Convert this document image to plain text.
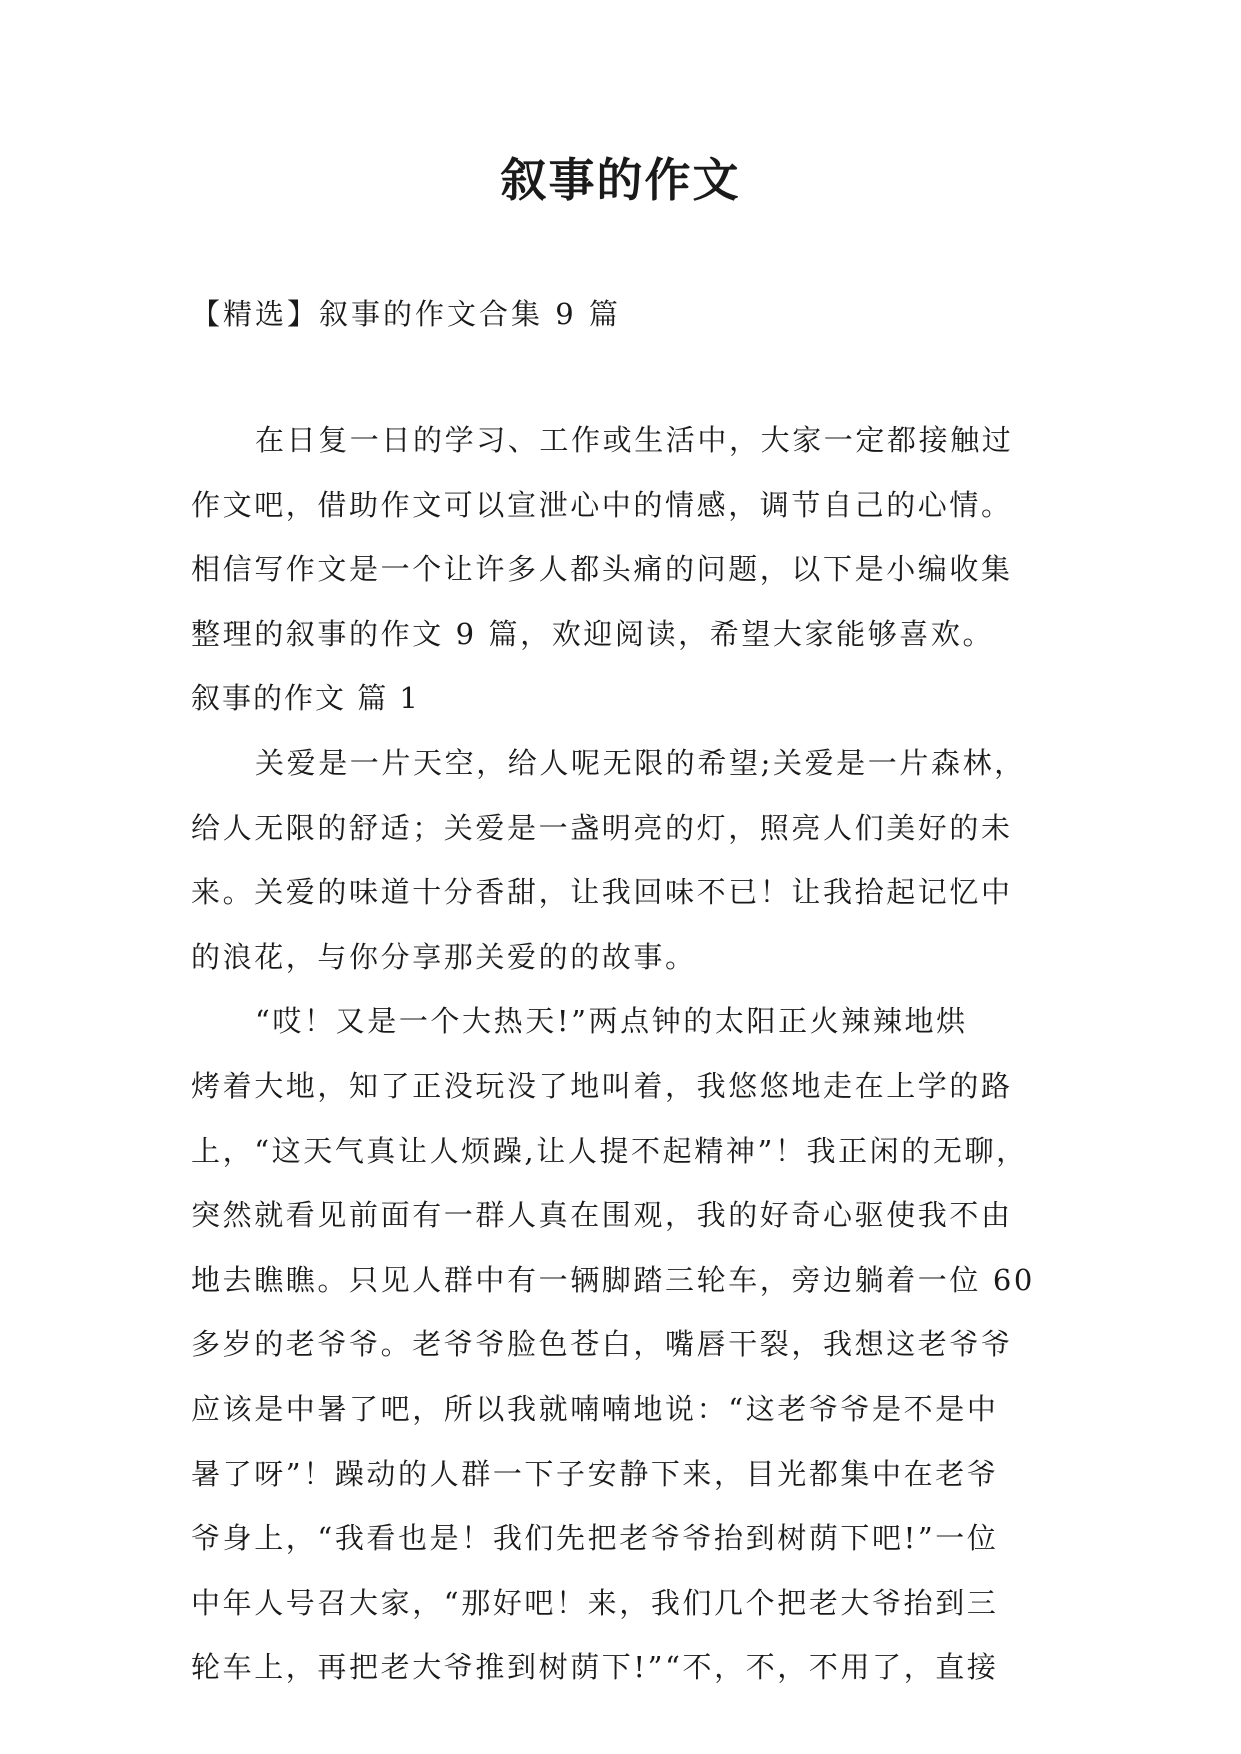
叙事的作文
【精选】叙事的作文合集 9 篇
在日复一日的学习、工作或生活中，大家一定都接触过
作文吧，借助作文可以宣泄心中的情感，调节自己的心情。
相信写作文是一个让许多人都头痛的问题，以下是小编收集
整理的叙事的作文 9 篇，欢迎阅读，希望大家能够喜欢。
叙事的作文 篇 1
关爱是一片天空，给人呢无限的希望;关爱是一片森林，
给人无限的舒适；关爱是一盏明亮的灯，照亮人们美好的未
来。关爱的味道十分香甜，让我回味不已！让我拾起记忆中
的浪花，与你分享那关爱的的故事。
“哎！又是一个大热天!”两点钟的太阳正火辣辣地烘
烤着大地，知了正没玩没了地叫着，我悠悠地走在上学的路
上，“这天气真让人烦躁,让人提不起精神”！我正闲的无聊，
突然就看见前面有一群人真在围观，我的好奇心驱使我不由
地去瞧瞧。只见人群中有一辆脚踏三轮车，旁边躺着一位 60
多岁的老爷爷。老爷爷脸色苍白，嘴唇干裂，我想这老爷爷
应该是中暑了吧，所以我就喃喃地说：“这老爷爷是不是中
暑了呀”！躁动的人群一下子安静下来，目光都集中在老爷
爷身上，“我看也是！我们先把老爷爷抬到树荫下吧!”一位
中年人号召大家，“那好吧！来，我们几个把老大爷抬到三
轮车上，再把老大爷推到树荫下!”“不，不，不用了，直接
